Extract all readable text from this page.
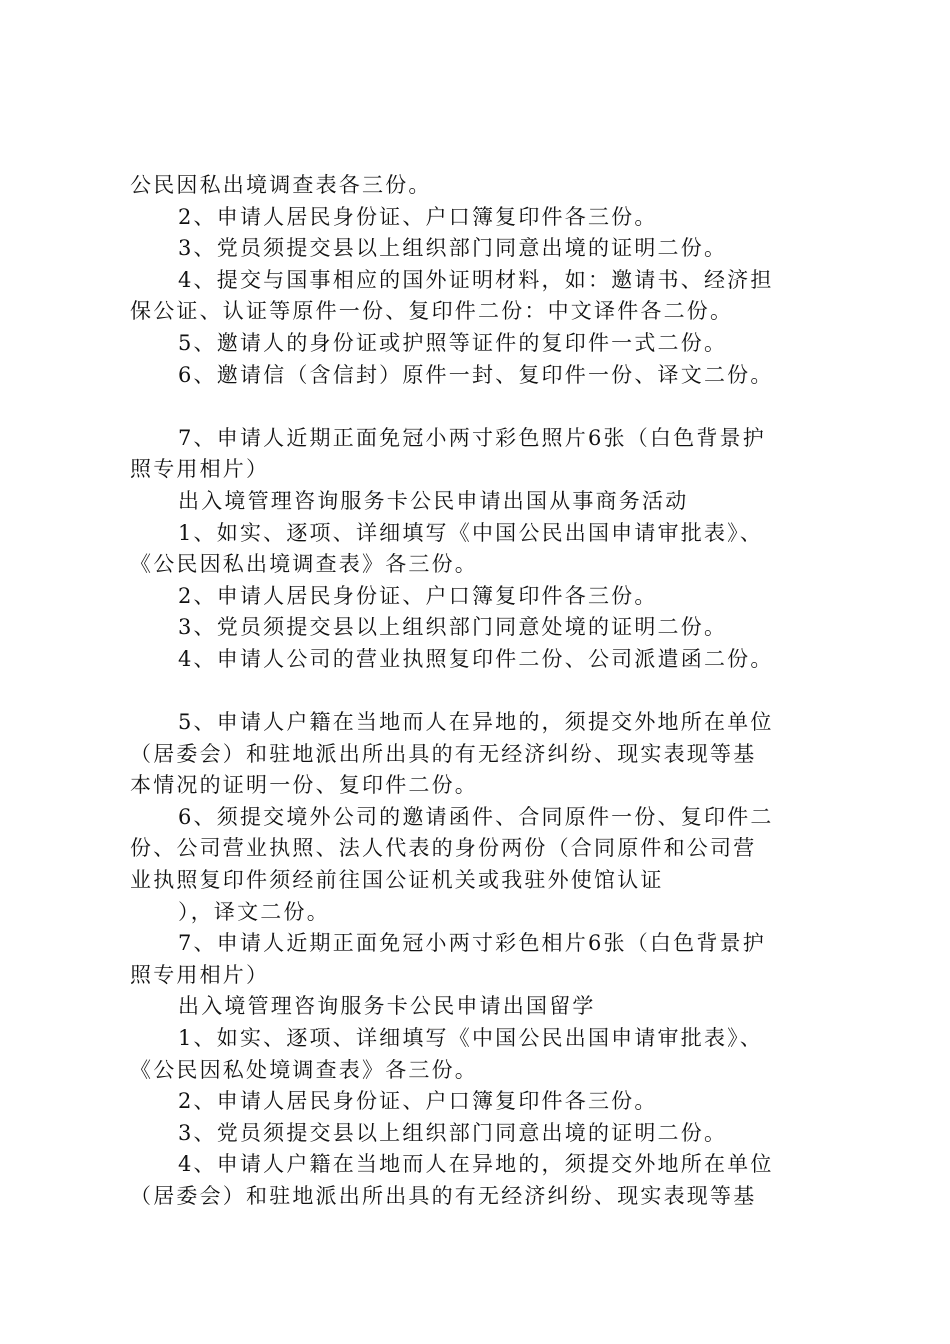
公民因私出境调查表各三份。
2、申请人居民身份证、户口簿复印件各三份。
3、党员须提交县以上组织部门同意出境的证明二份。
4、提交与国事相应的国外证明材料，如：邀请书、经济担
保公证、认证等原件一份、复印件二份：中文译件各二份。
5、邀请人的身份证或护照等证件的复印件一式二份。
6、邀请信（含信封）原件一封、复印件一份、译文二份。
7、申请人近期正面免冠小两寸彩色照片6张（白色背景护
照专用相片）
出入境管理咨询服务卡公民申请出国从事商务活动
1、如实、逐项、详细填写《中国公民出国申请审批表》、
《公民因私出境调查表》各三份。
2、申请人居民身份证、户口簿复印件各三份。
3、党员须提交县以上组织部门同意处境的证明二份。
4、申请人公司的营业执照复印件二份、公司派遣函二份。
5、申请人户籍在当地而人在异地的，须提交外地所在单位
（居委会）和驻地派出所出具的有无经济纠纷、现实表现等基
本情况的证明一份、复印件二份。
6、须提交境外公司的邀请函件、合同原件一份、复印件二
份、公司营业执照、法人代表的身份两份（合同原件和公司营
业执照复印件须经前往国公证机关或我驻外使馆认证
），译文二份。
7、申请人近期正面免冠小两寸彩色相片6张（白色背景护
照专用相片）
出入境管理咨询服务卡公民申请出国留学
1、如实、逐项、详细填写《中国公民出国申请审批表》、
《公民因私处境调查表》各三份。
2、申请人居民身份证、户口簿复印件各三份。
3、党员须提交县以上组织部门同意出境的证明二份。
4、申请人户籍在当地而人在异地的，须提交外地所在单位
（居委会）和驻地派出所出具的有无经济纠纷、现实表现等基
